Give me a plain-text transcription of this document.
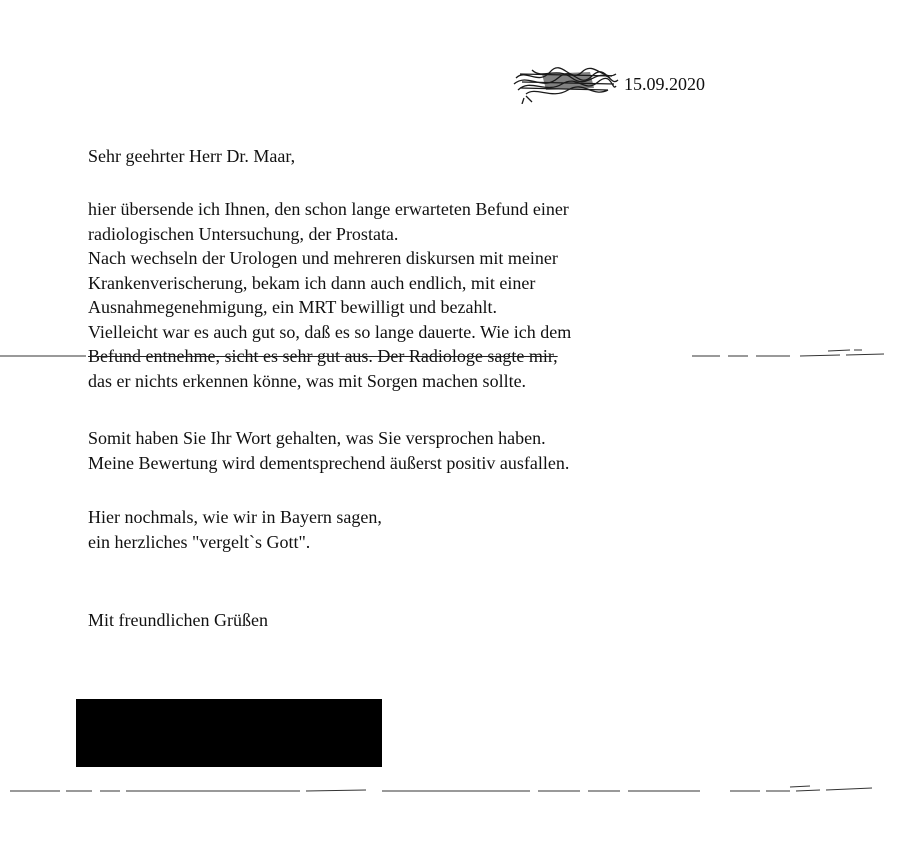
15.09.2020
Sehr geehrter Herr Dr. Maar,
hier übersende ich Ihnen, den schon lange erwarteten Befund einer
radiologischen Untersuchung, der Prostata.
Nach wechseln der Urologen und mehreren diskursen mit meiner
Krankenverischerung, bekam ich dann auch endlich, mit einer
Ausnahmegenehmigung, ein MRT bewilligt und bezahlt.
Vielleicht war es auch gut so, daß es so lange dauerte. Wie ich dem
Befund entnehme, sicht es sehr gut aus. Der Radiologe sagte mir,
das er nichts erkennen könne, was mit Sorgen machen sollte.
Somit haben Sie Ihr Wort gehalten, was Sie versprochen haben.
Meine Bewertung wird dementsprechend äußerst positiv ausfallen.
Hier nochmals, wie wir in Bayern sagen,
ein herzliches "vergelt`s Gott".
Mit freundlichen Grüßen
